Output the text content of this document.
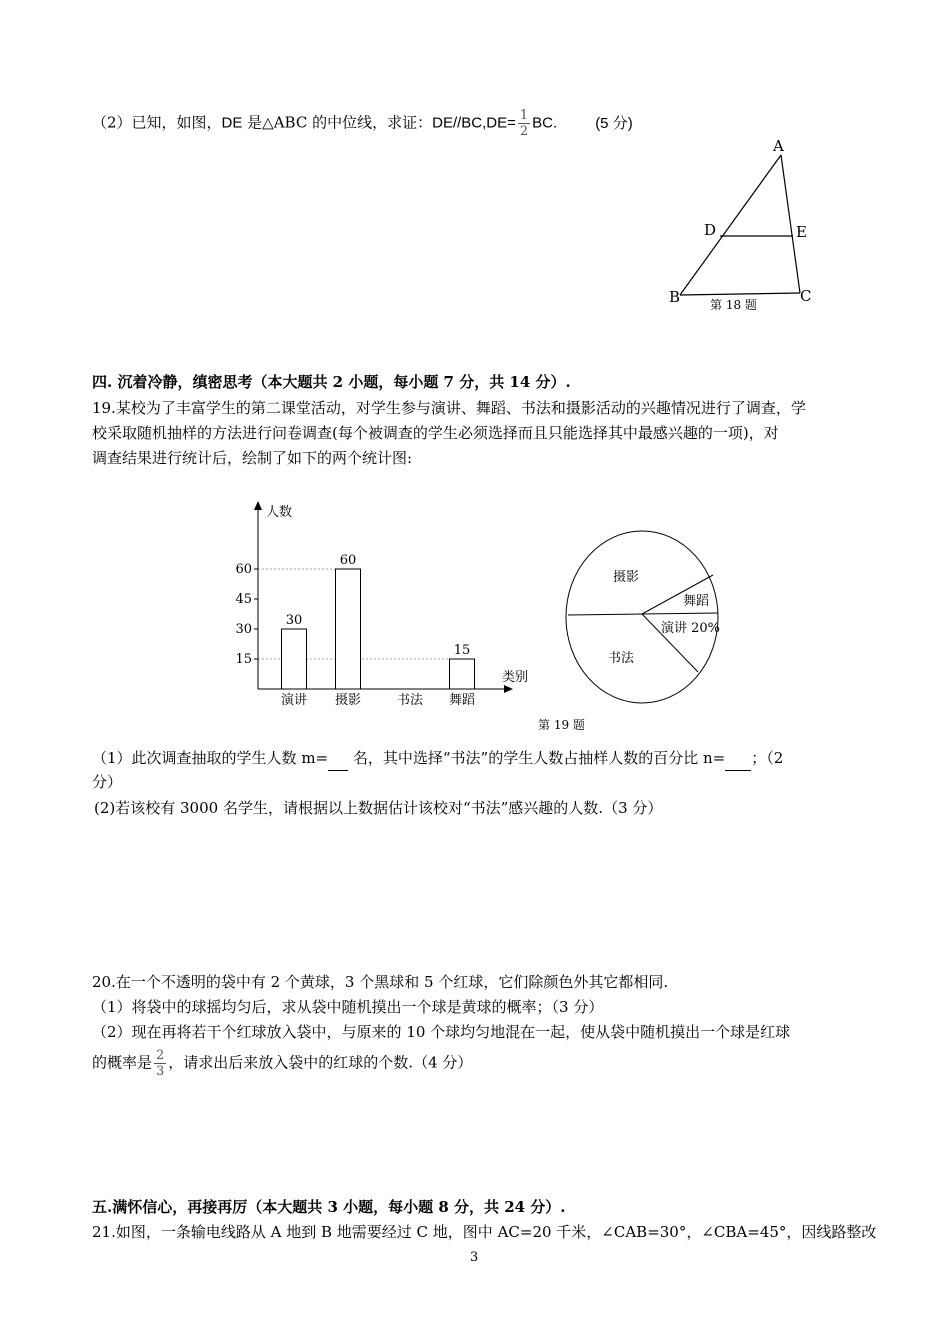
（2）已知，如图，DE 是△ABC 的中位线，求证：$DE//BC,DE= \frac{1}{2}$ BC.	(5 分)
A
D	E
B	C
第 18 题
四. 沉着冷静，缜密思考（本大题共 2 小题，每小题 7 分，共 14 分）.
19.某校为了丰富学生的第二课堂活动，对学生参与演讲、舞蹈、书法和摄影活动的兴趣情况进行了调查，学
校采取随机抽样的方法进行问卷调查(每个被调查的学生必须选择而且只能选择其中最感兴趣的一项)，对
调查结果进行统计后，绘制了如下的两个统计图:
人数
类别
15
30
45
60
30
演讲
60
摄影	书法
15
舞蹈
摄影
舞蹈
演讲 20%
书法
第 19 题
（1）此次调查抽取的学生人数 m=  名，其中选择“书法”的学生人数占抽样人数的百分比 n= ；（2
分）
(2)若该校有 3000 名学生，请根据以上数据估计该校对“书法”感兴趣的人数.（3 分）
20.在一个不透明的袋中有 2 个黄球，3 个黑球和 5 个红球，它们除颜色外其它都相同.
（1）将袋中的球摇均匀后，求从袋中随机摸出一个球是黄球的概率；（3 分）
（2）现在再将若干个红球放入袋中，与原来的 10 个球均匀地混在一起，使从袋中随机摸出一个球是红球
的概率是 $\frac{2}{3}$ ，请求出后来放入袋中的红球的个数.（4 分）
五.满怀信心，再接再厉（本大题共 3 小题，每小题 8 分，共 24 分）.
21.如图，一条输电线路从 A 地到 B 地需要经过 C 地，图中 AC=20 千米，∠CAB=30°，∠CBA=45°，因线路整改
3
